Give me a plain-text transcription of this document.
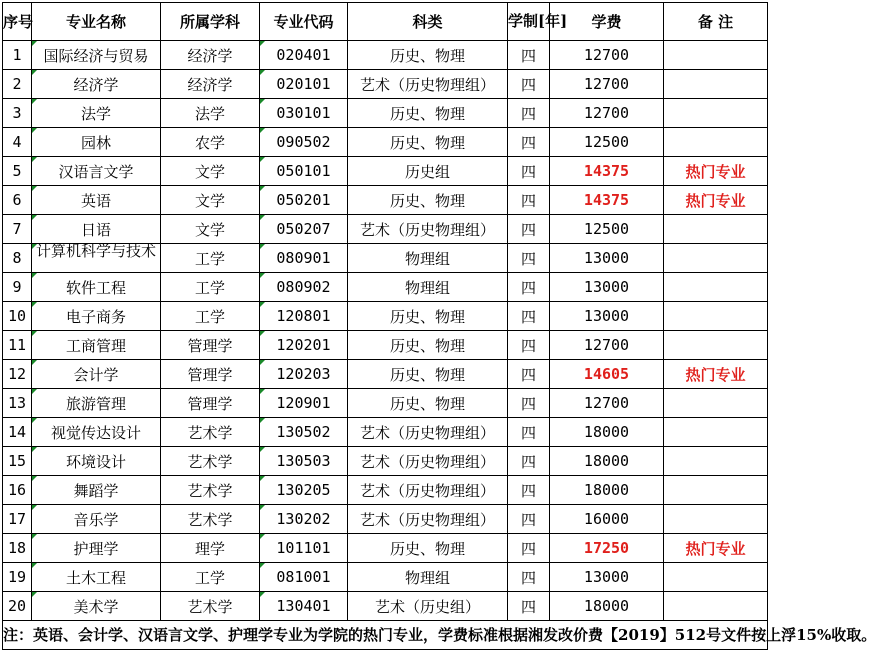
序号	专业名称	所属学科	专业代码	科类	学制[年]	学费	备 注
1	国际经济与贸易	经济学	020401	历史、物理	四	12700	
2	经济学	经济学	020101	艺术（历史物理组）	四	12700	
3	法学	法学	030101	历史、物理	四	12700	
4	园林	农学	090502	历史、物理	四	12500	
5	汉语言文学	文学	050101	历史组	四	14375	热门专业
6	英语	文学	050201	历史、物理	四	14375	热门专业
7	日语	文学	050207	艺术（历史物理组）	四	12500	
8	计算机科学与技术	工学	080901	物理组	四	13000	
9	软件工程	工学	080902	物理组	四	13000	
10	电子商务	工学	120801	历史、物理	四	13000	
11	工商管理	管理学	120201	历史、物理	四	12700	
12	会计学	管理学	120203	历史、物理	四	14605	热门专业
13	旅游管理	管理学	120901	历史、物理	四	12700	
14	视觉传达设计	艺术学	130502	艺术（历史物理组）	四	18000	
15	环境设计	艺术学	130503	艺术（历史物理组）	四	18000	
16	舞蹈学	艺术学	130205	艺术（历史物理组）	四	18000	
17	音乐学	艺术学	130202	艺术（历史物理组）	四	16000	
18	护理学	理学	101101	历史、物理	四	17250	热门专业
19	土木工程	工学	081001	物理组	四	13000	
20	美术学	艺术学	130401	艺术（历史组）	四	18000	
注：英语、会计学、汉语言文学、护理学专业为学院的热门专业，学费标准根据湘发改价费【2019】512号文件按上浮15%收取。							
